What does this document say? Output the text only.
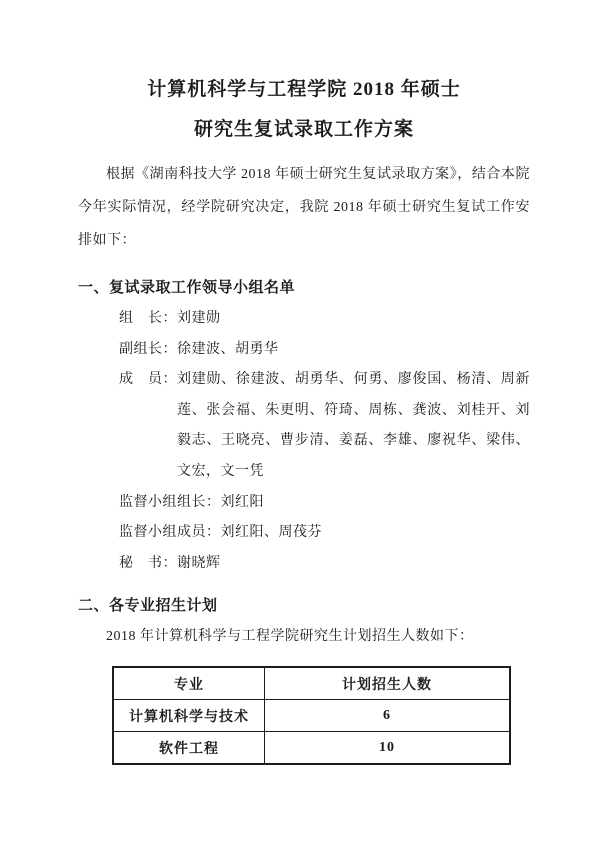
计算机科学与工程学院 2018 年硕士
研究生复试录取工作方案

根据《湖南科技大学 2018 年硕士研究生复试录取方案》，结合本院今年实际情况，经学院研究决定，我院 2018 年硕士研究生复试工作安排如下：

一、复试录取工作领导小组名单
组　长： 刘建勋
副组长： 徐建波、胡勇华
成　员： 刘建勋、徐建波、胡勇华、何勇、廖俊国、杨清、周新莲、张会福、朱更明、符琦、周栋、龚波、刘桂开、刘毅志、王晓亮、曹步清、姜磊、李雄、廖祝华、梁伟、文宏，文一凭
监督小组组长： 刘红阳
监督小组成员： 刘红阳、周茷芬
秘　书： 谢晓辉
二、各专业招生计划

2018 年计算机科学与工程学院研究生计划招生人数如下：

专业	计划招生人数
计算机科学与技术	6
软件工程	10
